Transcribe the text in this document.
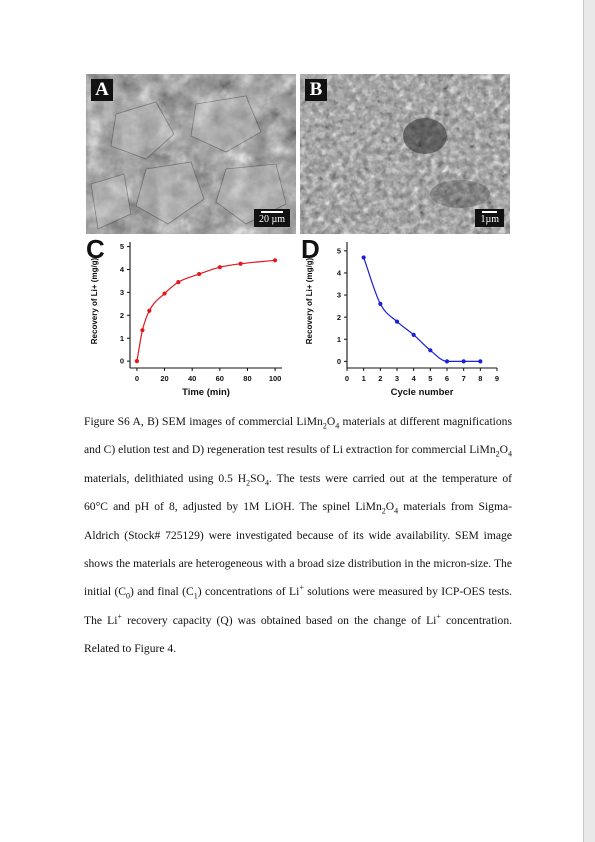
A
20 µm
B
1µm
C
0	20	40	60	80 100
0
1
2
3
4
5
Time (min)
Recovery of Li+ (mg/g)
D
0 1 2 3 4 5 6 7 8 9
0
1
2
3
4
5
Cycle number
Recovery of Li+ (mg/g)

Figure S6 A, B) SEM images of commercial $LiMn_2O_4$ materials at different magnifications and C) elution test and D) regeneration test results of Li extraction for commercial $LiMn_2O_4$ materials, delithiated using 0.5 $H_2SO_4$. The tests were carried out at the temperature of 60°C and pH of 8, adjusted by 1M LiOH. The spinel $LiMn_2O_4$ materials from Sigma-Aldrich (Stock# 725129) were investigated because of its wide availability. SEM image shows the materials are heterogeneous with a broad size distribution in the micron-size. The initial $(C_0)$ and final $(C_1)$ concentrations of Li+ solutions were measured by ICP-OES tests. The Li+ recovery capacity (Q) was obtained based on the change of Li+ concentration. Related to Figure 4.
